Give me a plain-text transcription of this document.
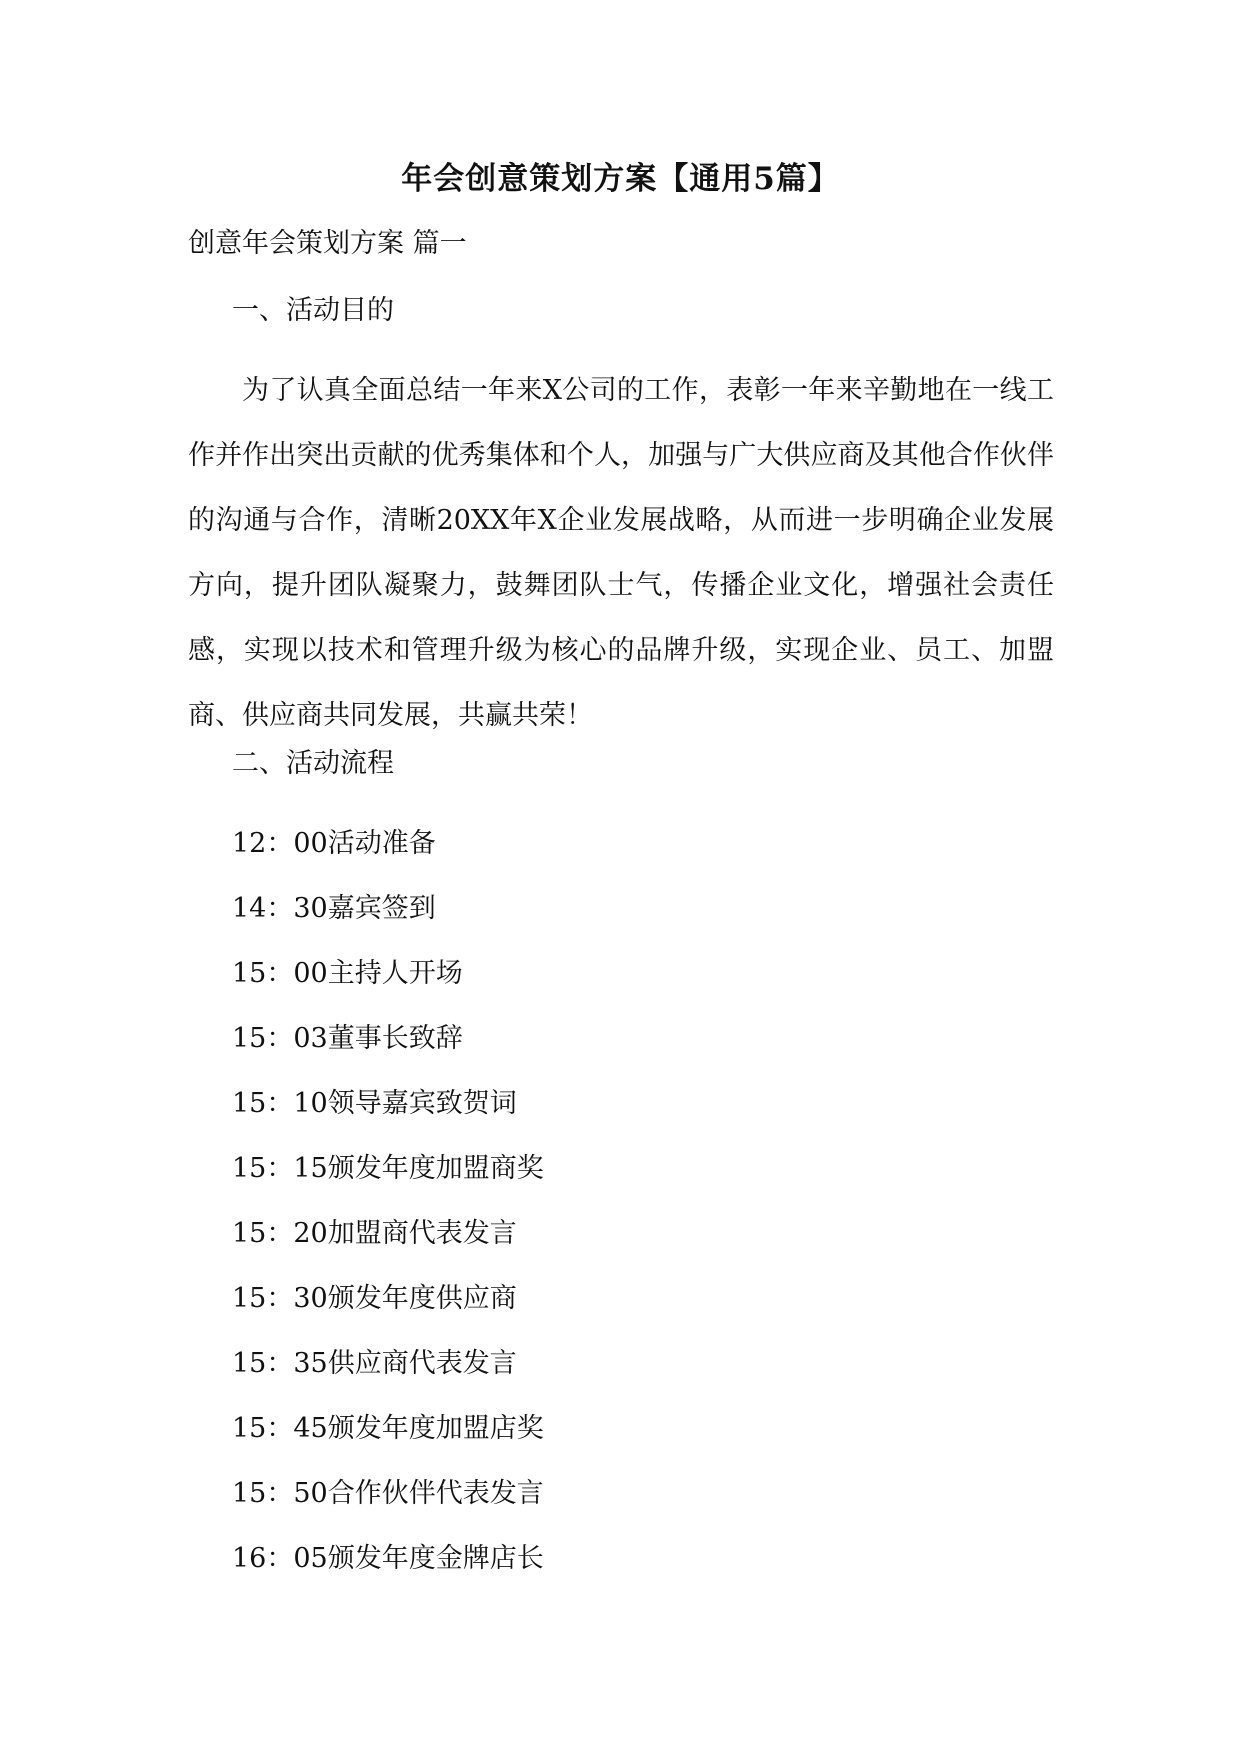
年会创意策划方案【通用5篇】
创意年会策划方案 篇一
一、活动目的

为了认真全面总结一年来X公司的工作，表彰一年来辛勤地在一线工作并作出突出贡献的优秀集体和个人，加强与广大供应商及其他合作伙伴的沟通与合作，清晰20XX年X企业发展战略，从而进一步明确企业发展方向，提升团队凝聚力，鼓舞团队士气，传播企业文化，增强社会责任感，实现以技术和管理升级为核心的品牌升级，实现企业、员工、加盟商、供应商共同发展，共赢共荣！

二、活动流程
12：00活动准备
14：30嘉宾签到
15：00主持人开场
15：03董事长致辞
15：10领导嘉宾致贺词
15：15颁发年度加盟商奖
15：20加盟商代表发言
15：30颁发年度供应商
15：35供应商代表发言
15：45颁发年度加盟店奖
15：50合作伙伴代表发言
16：05颁发年度金牌店长
